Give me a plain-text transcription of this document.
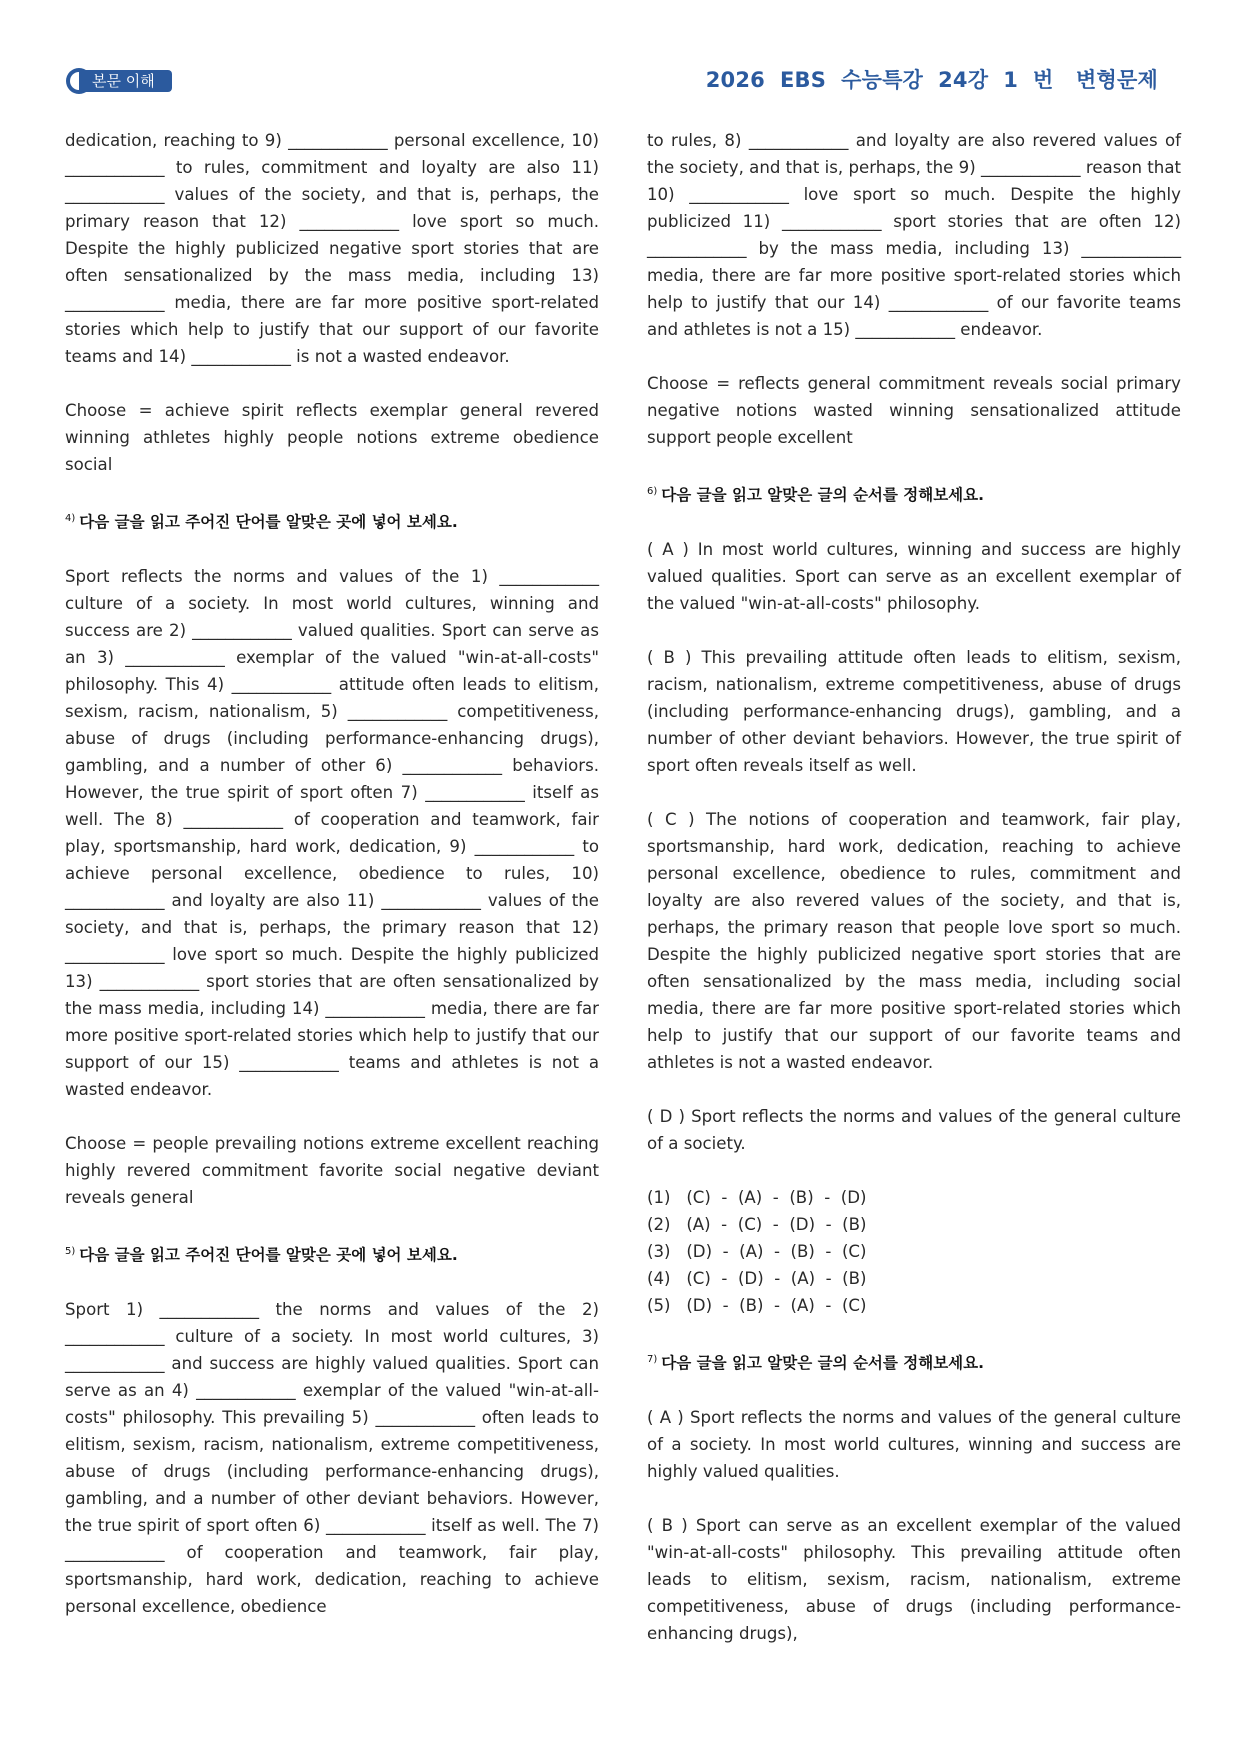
본문 이해	2026  EBS  수능특강  24강  1  번   변형문제

dedication, reaching to 9) ____________ personal excellence, 10) ____________ to rules, commitment and loyalty are also 11) ____________ values of the society, and that is, perhaps, the primary reason that 12) ____________ love sport so much. Despite the highly publicized negative sport stories that are often sensationalized by the mass media, including 13) ____________ media, there are far more positive sport-related stories which help to justify that our support of our favorite teams and 14) ____________ is not a wasted endeavor.

Choose = achieve spirit reflects exemplar general revered winning athletes highly people notions extreme obedience social

$^{4)}$ 다음 글을 읽고 주어진 단어를 알맞은 곳에 넣어 보세요.

Sport reflects the norms and values of the 1) ____________ culture of a society. In most world cultures, winning and success are 2) ____________ valued qualities. Sport can serve as an 3) ____________ exemplar of the valued "win-at-all-costs" philosophy. This 4) ____________ attitude often leads to elitism, sexism, racism, nationalism, 5) ____________ competitiveness, abuse of drugs (including performance-enhancing drugs), gambling, and a number of other 6) ____________ behaviors. However, the true spirit of sport often 7) ____________ itself as well. The 8) ____________ of cooperation and teamwork, fair play, sportsmanship, hard work, dedication, 9) ____________ to achieve personal excellence, obedience to rules, 10) ____________ and loyalty are also 11) ____________ values of the society, and that is, perhaps, the primary reason that 12) ____________ love sport so much. Despite the highly publicized 13) ____________ sport stories that are often sensationalized by the mass media, including 14) ____________ media, there are far more positive sport-related stories which help to justify that our support of our 15) ____________ teams and athletes is not a wasted endeavor.

Choose = people prevailing notions extreme excellent reaching highly revered commitment favorite social negative deviant reveals general

$^{5)}$ 다음 글을 읽고 주어진 단어를 알맞은 곳에 넣어 보세요.

Sport 1) ____________ the norms and values of the 2) ____________ culture of a society. In most world cultures, 3) ____________ and success are highly valued qualities. Sport can serve as an 4) ____________ exemplar of the valued "win-at-all-costs" philosophy. This prevailing 5) ____________ often leads to elitism, sexism, racism, nationalism, extreme competitiveness, abuse of drugs (including performance-enhancing drugs), gambling, and a number of other deviant behaviors. However, the true spirit of sport often 6) ____________ itself as well. The 7) ____________ of cooperation and teamwork, fair play, sportsmanship, hard work, dedication, reaching to achieve personal excellence, obedience

to rules, 8) ____________ and loyalty are also revered values of the society, and that is, perhaps, the 9) ____________ reason that 10) ____________ love sport so much. Despite the highly publicized 11) ____________ sport stories that are often 12) ____________ by the mass media, including 13) ____________ media, there are far more positive sport-related stories which help to justify that our 14) ____________ of our favorite teams and athletes is not a 15) ____________ endeavor.

Choose = reflects general commitment reveals social primary negative notions wasted winning sensationalized attitude support people excellent

$^{6)}$ 다음 글을 읽고 알맞은 글의 순서를 정해보세요.

( A ) In most world cultures, winning and success are highly valued qualities. Sport can serve as an excellent exemplar of the valued "win-at-all-costs" philosophy.

( B ) This prevailing attitude often leads to elitism, sexism, racism, nationalism, extreme competitiveness, abuse of drugs (including performance-enhancing drugs), gambling, and a number of other deviant behaviors. However, the true spirit of sport often reveals itself as well.

( C ) The notions of cooperation and teamwork, fair play, sportsmanship, hard work, dedication, reaching to achieve personal excellence, obedience to rules, commitment and loyalty are also revered values of the society, and that is, perhaps, the primary reason that people love sport so much. Despite the highly publicized negative sport stories that are often sensationalized by the mass media, including social media, there are far more positive sport-related stories which help to justify that our support of our favorite teams and athletes is not a wasted endeavor.

( D ) Sport reflects the norms and values of the general culture of a society.

(1)   (C)  -  (A)  -  (B)  -  (D)
(2)   (A)  -  (C)  -  (D)  -  (B)
(3)   (D)  -  (A)  -  (B)  -  (C)
(4)   (C)  -  (D)  -  (A)  -  (B)
(5)   (D)  -  (B)  -  (A)  -  (C)
$^{7)}$ 다음 글을 읽고 알맞은 글의 순서를 정해보세요.

( A ) Sport reflects the norms and values of the general culture of a society. In most world cultures, winning and success are highly valued qualities.

( B ) Sport can serve as an excellent exemplar of the valued "win-at-all-costs" philosophy. This prevailing attitude often leads to elitism, sexism, racism, nationalism, extreme competitiveness, abuse of drugs (including performance-enhancing drugs),
